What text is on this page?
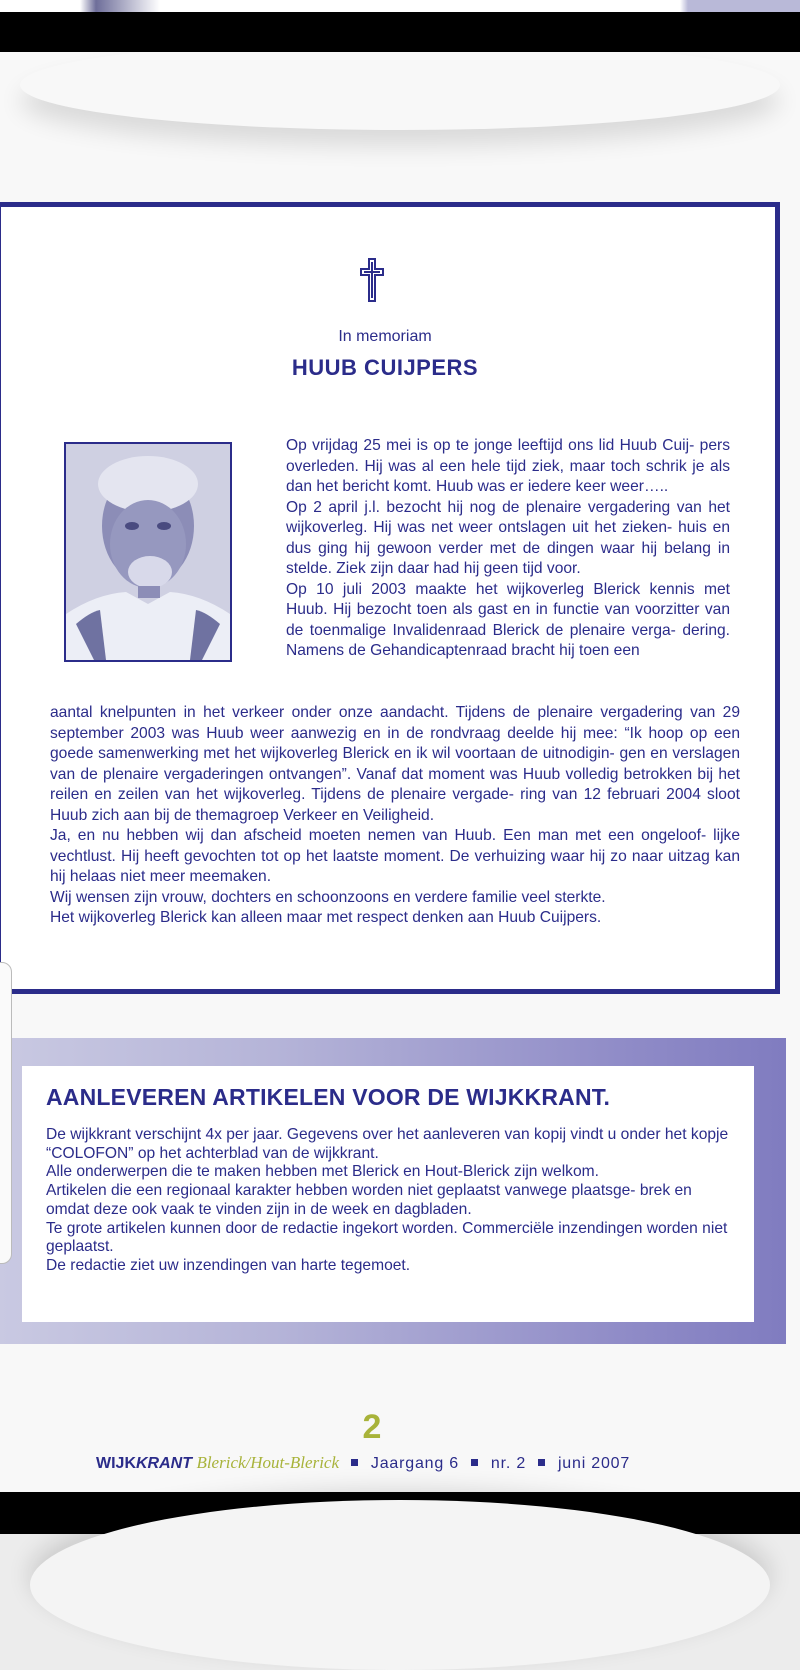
In memoriam
HUUB CUIJPERS

Op vrijdag 25 mei is op te jonge leeftijd ons lid Huub Cuij- pers overleden. Hij was al een hele tijd ziek, maar toch schrik je als dan het bericht komt. Huub was er iedere keer weer…..

Op 2 april j.l. bezocht hij nog de plenaire vergadering van het wijkoverleg. Hij was net weer ontslagen uit het zieken- huis en dus ging hij gewoon verder met de dingen waar hij belang in stelde. Ziek zijn daar had hij geen tijd voor.

Op 10 juli 2003 maakte het wijkoverleg Blerick kennis met Huub. Hij bezocht toen als gast en in functie van voorzitter van de toenmalige Invalidenraad Blerick de plenaire verga- dering. Namens de Gehandicaptenraad bracht hij toen een

aantal knelpunten in het verkeer onder onze aandacht. Tijdens de plenaire vergadering van 29 september 2003 was Huub weer aanwezig en in de rondvraag deelde hij mee: “Ik hoop op een goede samenwerking met het wijkoverleg Blerick en ik wil voortaan de uitnodigin- gen en verslagen van de plenaire vergaderingen ontvangen”. Vanaf dat moment was Huub volledig betrokken bij het reilen en zeilen van het wijkoverleg. Tijdens de plenaire vergade- ring van 12 februari 2004 sloot Huub zich aan bij de themagroep Verkeer en Veiligheid.

Ja, en nu hebben wij dan afscheid moeten nemen van Huub. Een man met een ongeloof- lijke vechtlust. Hij heeft gevochten tot op het laatste moment. De verhuizing waar hij zo naar uitzag kan hij helaas niet meer meemaken.

Wij wensen zijn vrouw, dochters en schoonzoons en verdere familie veel sterkte.

Het wijkoverleg Blerick kan alleen maar met respect denken aan Huub Cuijpers.

AANLEVEREN ARTIKELEN VOOR DE WIJKKRANT.

De wijkkrant verschijnt 4x per jaar. Gegevens over het aanleveren van kopij vindt u onder het kopje “COLOFON” op het achterblad van de wijkkrant.

Alle onderwerpen die te maken hebben met Blerick en Hout-Blerick zijn welkom.

Artikelen die een regionaal karakter hebben worden niet geplaatst vanwege plaatsge- brek en omdat deze ook vaak te vinden zijn in de week en dagbladen.

Te grote artikelen kunnen door de redactie ingekort worden. Commerciële inzendingen worden niet geplaatst.

De redactie ziet uw inzendingen van harte tegemoet.

2
WIJKKRANT Blerick/Hout-Blerick Jaargang 6 nr. 2 juni 2007
